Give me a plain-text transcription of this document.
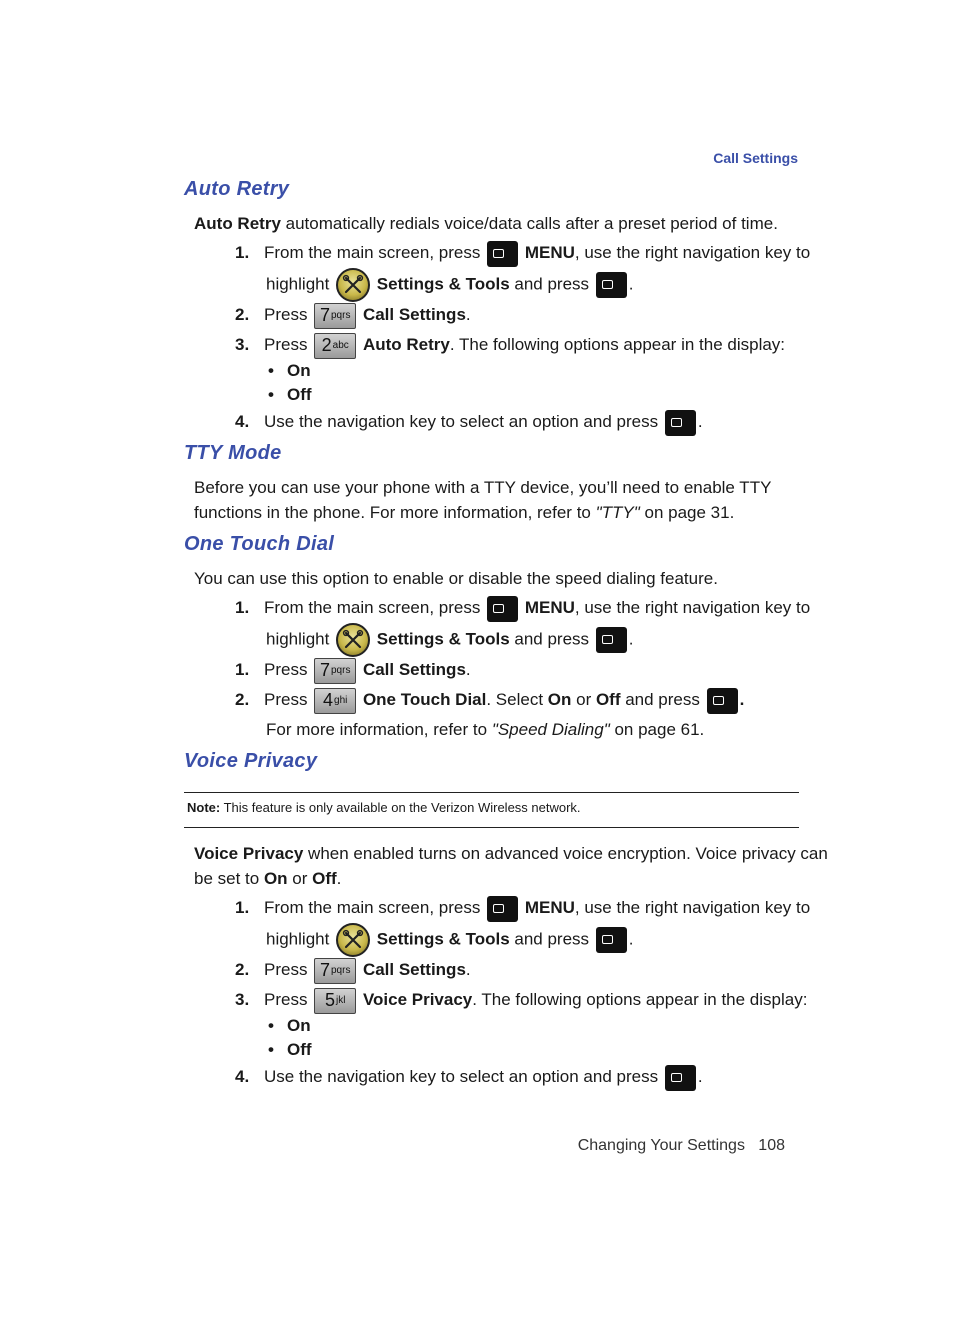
Call Settings
Auto Retry
Auto Retry automatically redials voice/data calls after a preset period of time.
1. From the main screen, press	MENU, use the right navigation key to
highlight	Settings & Tools and press .
2. Press 7 pqrs Call Settings.
3. Press 2 abc Auto Retry. The following options appear in the display:
• On
• Off
4. Use the navigation key to select an option and press .
TTY Mode
Before you can use your phone with a TTY device, you’ll need to enable TTY
functions in the phone. For more information, refer to "TTY" on page 31.
One Touch Dial
You can use this option to enable or disable the speed dialing feature.
1. From the main screen, press	MENU, use the right navigation key to
highlight	Settings & Tools and press .
1. Press 7 pqrs Call Settings.
2. Press 4 ghi One Touch Dial. Select On or Off and press .
For more information, refer to "Speed Dialing" on page 61.
Voice Privacy
Note: This feature is only available on the Verizon Wireless network.
Voice Privacy when enabled turns on advanced voice encryption. Voice privacy can
be set to On or Off.
1. From the main screen, press	MENU, use the right navigation key to
highlight	Settings & Tools and press .
2. Press 7 pqrs Call Settings.
3. Press 5 jkl Voice Privacy. The following options appear in the display:
• On
• Off
4. Use the navigation key to select an option and press .
Changing Your Settings 108
